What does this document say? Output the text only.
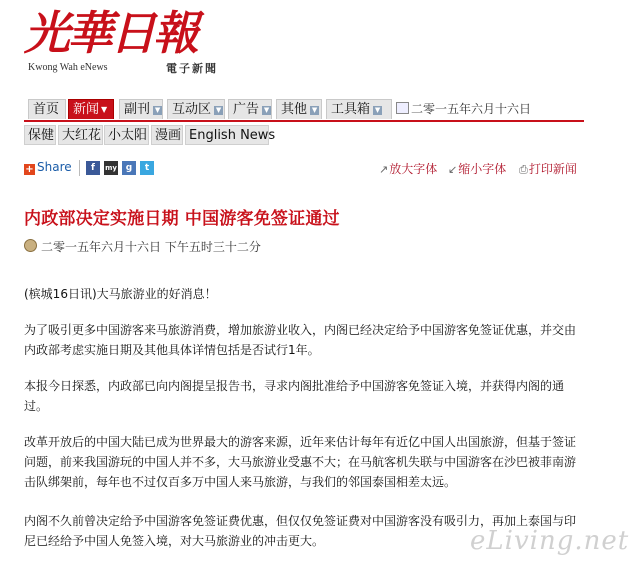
光華日報
Kwong Wah eNews	電子新聞
首页	新闻 ▼	副刊 ▼ 互动区 ▼ 广告 ▼ 其他 ▼	工具箱 ▼	二零一五年六月十六日
保健 大红花 小太阳 漫画 English News
+ Share	f	my g	t	↗放大字体 ↙缩小字体 ⎙打印新闻
内政部决定实施日期 中国游客免签证通过
二零一五年六月十六日 下午五时三十二分

(槟城16日讯)大马旅游业的好消息！

为了吸引更多中国游客来马旅游消费，增加旅游业收入，内阁已经决定给予中国游客免签证优惠，并交由内政部考虑实施日期及其他具体详情包括是否试行1年。

本报今日探悉，内政部已向内阁提呈报告书，寻求内阁批准给予中国游客免签证入境，并获得内阁的通过。

改革开放后的中国大陆已成为世界最大的游客来源，近年来估计每年有近亿中国人出国旅游，但基于签证问题，前来我国游玩的中国人并不多，大马旅游业受惠不大；在马航客机失联与中国游客在沙巴被菲南游击队绑架前，每年也不过仅百多万中国人来马旅游，与我们的邻国泰国相差太远。

内阁不久前曾决定给予中国游客免签证费优惠，但仅仅免签证费对中国游客没有吸引力，再加上泰国与印尼已经给予中国人免签入境，对大马旅游业的冲击更大。	eLiving.net
